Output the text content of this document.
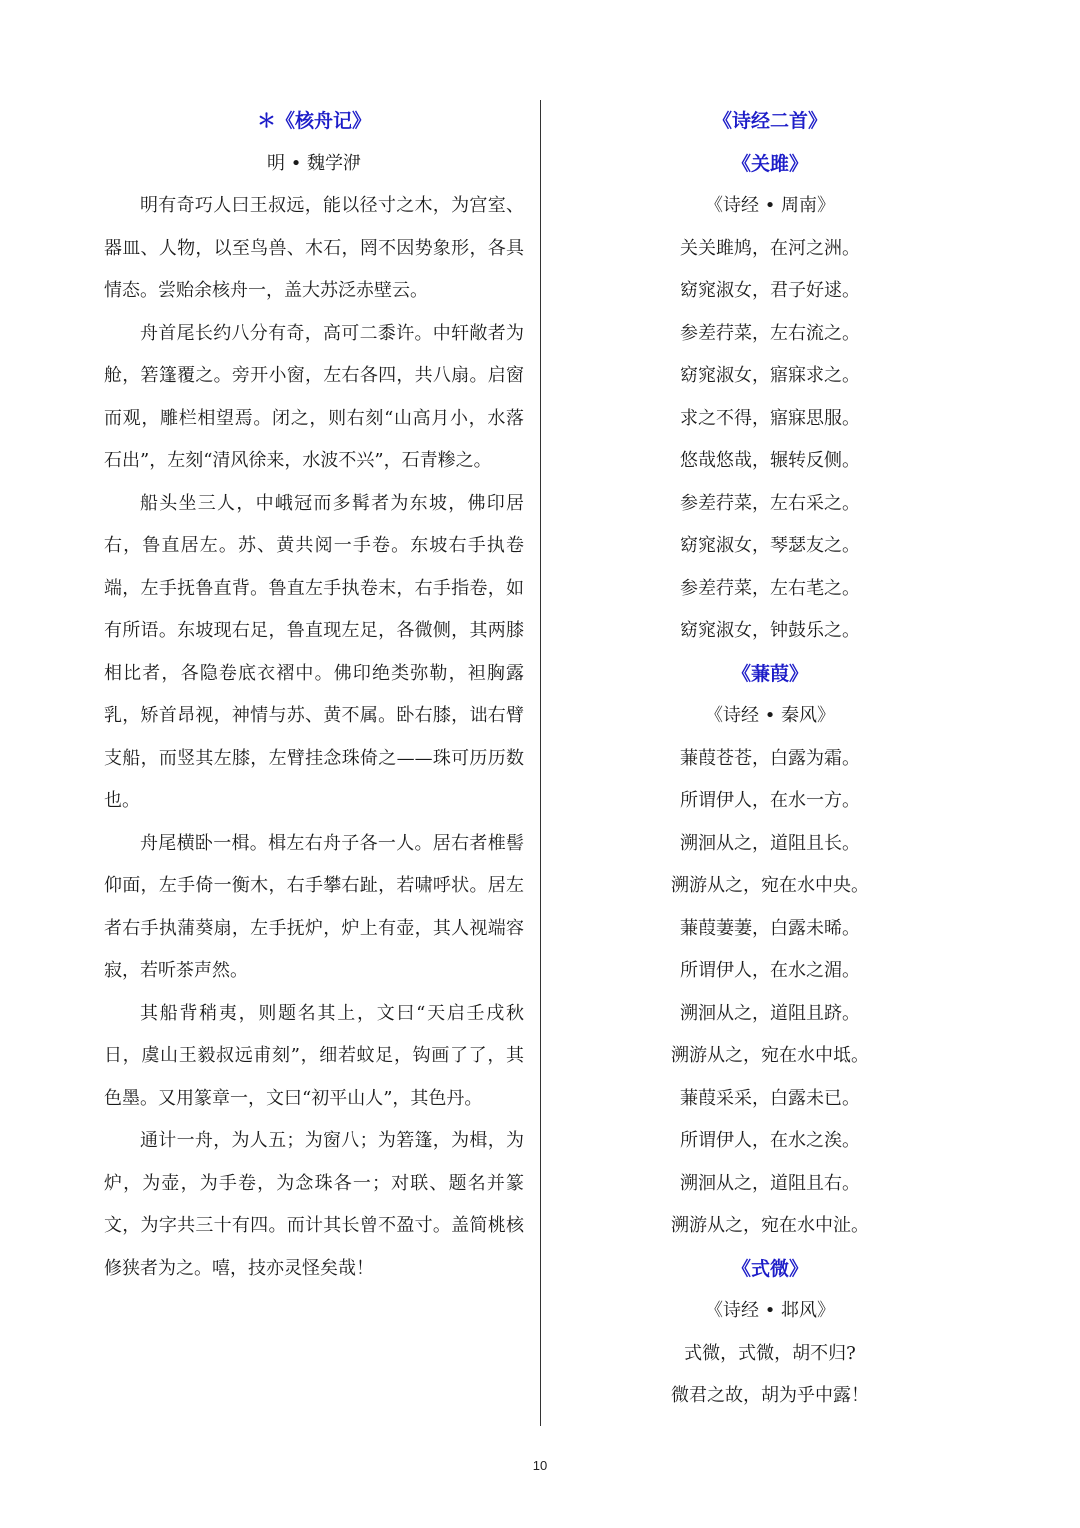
＊《核舟记》
明 • 魏学洢

明有奇巧人曰王叔远，能以径寸之木，为宫室、器皿、人物，以至鸟兽、木石，罔不因势象形，各具情态。尝贻余核舟一，盖大苏泛赤壁云。

舟首尾长约八分有奇，高可二黍许。中轩敞者为舱，箬篷覆之。旁开小窗，左右各四，共八扇。启窗而观，雕栏相望焉。闭之，则右刻“山高月小，水落石出”，左刻“清风徐来，水波不兴”，石青糁之。

船头坐三人，中峨冠而多髯者为东坡，佛印居右，鲁直居左。苏、黄共阅一手卷。东坡右手执卷端，左手抚鲁直背。鲁直左手执卷末，右手指卷，如有所语。东坡现右足，鲁直现左足，各微侧，其两膝相比者，各隐卷底衣褶中。佛印绝类弥勒，袒胸露乳，矫首昂视，神情与苏、黄不属。卧右膝，诎右臂支船，而竖其左膝，左臂挂念珠倚之——珠可历历数也。

舟尾横卧一楫。楫左右舟子各一人。居右者椎髻仰面，左手倚一衡木，右手攀右趾，若啸呼状。居左者右手执蒲葵扇，左手抚炉，炉上有壶，其人视端容寂，若听茶声然。

其船背稍夷，则题名其上，文曰“天启壬戌秋日，虞山王毅叔远甫刻”，细若蚊足，钩画了了，其色墨。又用篆章一，文曰“初平山人”，其色丹。

通计一舟，为人五；为窗八；为箬篷，为楫，为炉，为壶，为手卷，为念珠各一；对联、题名并篆文，为字共三十有四。而计其长曾不盈寸。盖简桃核修狭者为之。嘻，技亦灵怪矣哉！

《诗经二首》
《关雎》
《诗经 • 周南》
关关雎鸠，在河之洲。
窈窕淑女，君子好逑。
参差荇菜，左右流之。
窈窕淑女，寤寐求之。
求之不得，寤寐思服。
悠哉悠哉，辗转反侧。
参差荇菜，左右采之。
窈窕淑女，琴瑟友之。
参差荇菜，左右芼之。
窈窕淑女，钟鼓乐之。
《蒹葭》
《诗经 • 秦风》
蒹葭苍苍，白露为霜。
所谓伊人，在水一方。
溯洄从之，道阻且长。
溯游从之，宛在水中央。
蒹葭萋萋，白露未晞。
所谓伊人，在水之湄。
溯洄从之，道阻且跻。
溯游从之，宛在水中坻。
蒹葭采采，白露未已。
所谓伊人，在水之涘。
溯洄从之，道阻且右。
溯游从之，宛在水中沚。
《式微》
《诗经 • 邶风》
式微，式微，胡不归?
微君之故，胡为乎中露！
10
